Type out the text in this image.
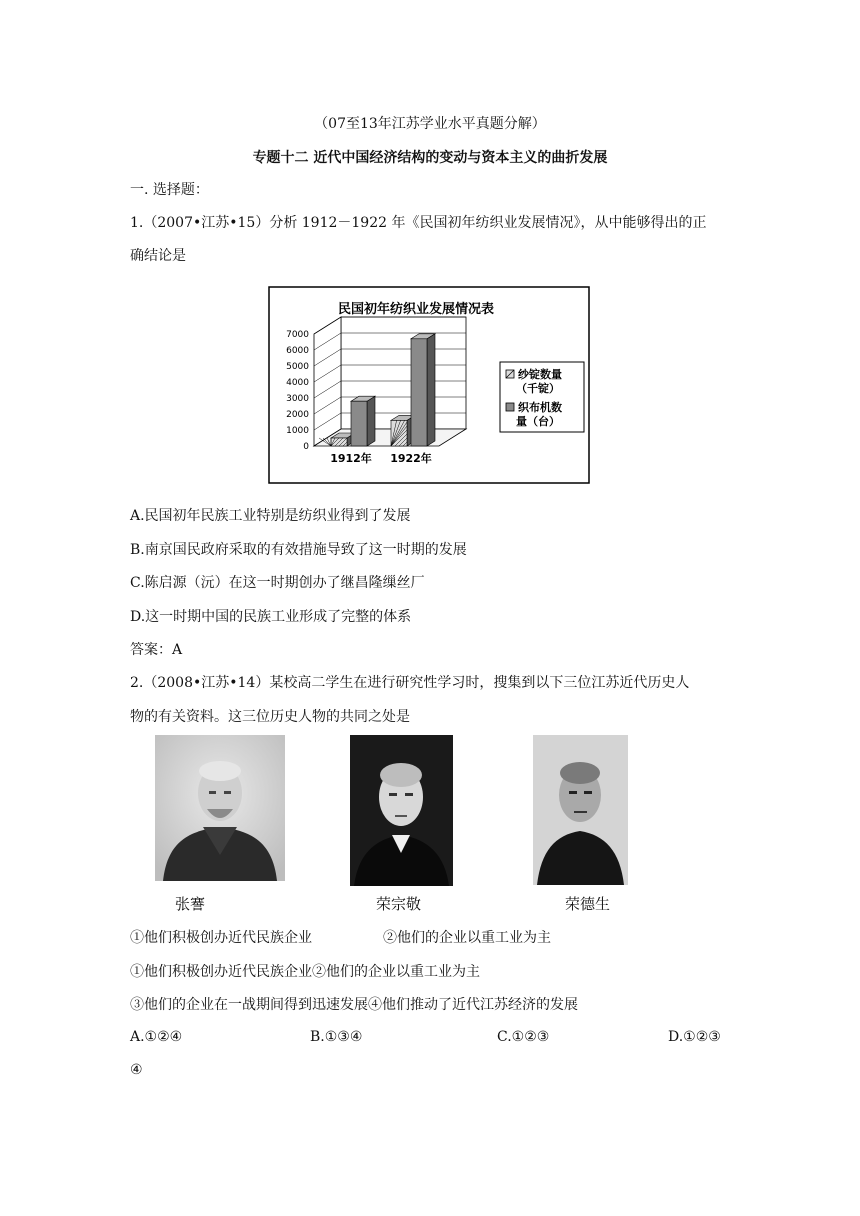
（07至13年江苏学业水平真题分解）
专题十二 近代中国经济结构的变动与资本主义的曲折发展
一. 选择题：
1.（2007•江苏•15）分析 1912－1922 年《民国初年纺织业发展情况》，从中能够得出的正
确结论是
民国初年纺织业发展情况表
0
1000
2000
3000
4000
5000
6000
7000
1912年 1922年
纱锭数量
（千锭）
织布机数
量（台）
A.民国初年民族工业特别是纺织业得到了发展
B.南京国民政府采取的有效措施导致了这一时期的发展
C.陈启源（沅）在这一时期创办了继昌隆缫丝厂
D.这一时期中国的民族工业形成了完整的体系
答案：A
2.（2008•江苏•14）某校高二学生在进行研究性学习时，搜集到以下三位江苏近代历史人
物的有关资料。这三位历史人物的共同之处是
张謇	荣宗敬	荣德生
①他们积极创办近代民族企业	②他们的企业以重工业为主
①他们积极创办近代民族企业②他们的企业以重工业为主
③他们的企业在一战期间得到迅速发展④他们推动了近代江苏经济的发展
A.①②④	B.①③④	C.①②③	D.①②③
④
